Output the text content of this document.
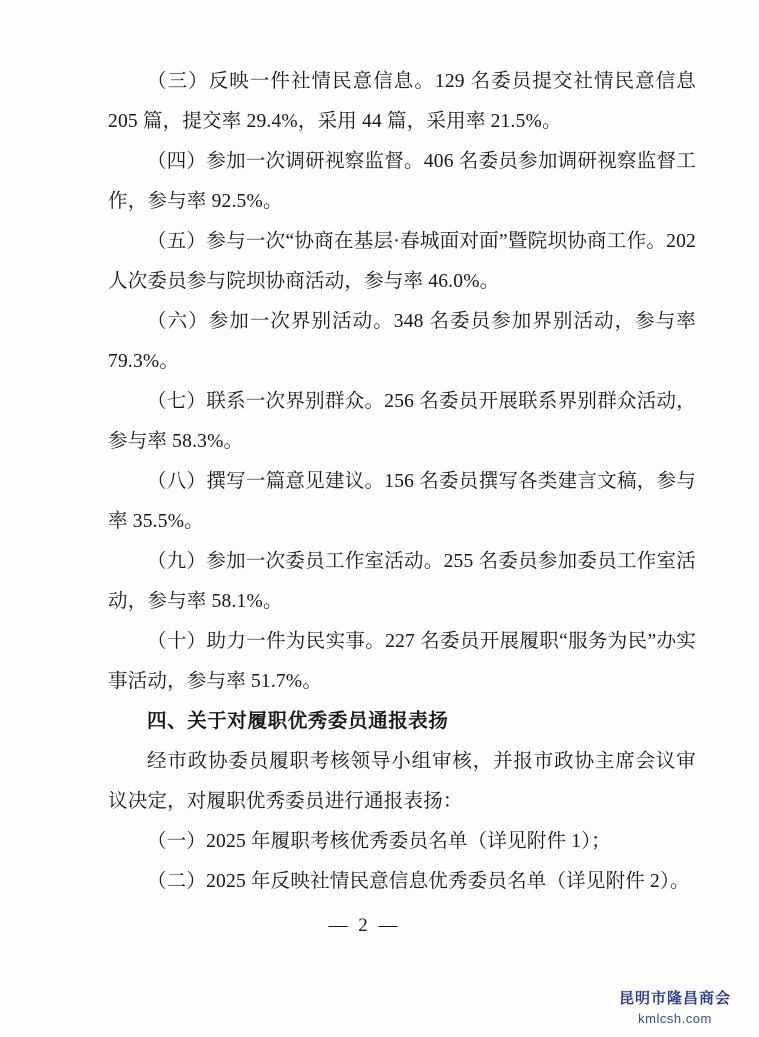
（三）反映一件社情民意信息。129 名委员提交社情民意信息 205 篇，提交率 29.4%，采用 44 篇，采用率 21.5%。

（四）参加一次调研视察监督。406 名委员参加调研视察监督工作，参与率 92.5%。

（五）参与一次“协商在基层·春城面对面”暨院坝协商工作。202 人次委员参与院坝协商活动，参与率 46.0%。

（六）参加一次界别活动。348 名委员参加界别活动，参与率 79.3%。

（七）联系一次界别群众。256 名委员开展联系界别群众活动，参与率 58.3%。

（八）撰写一篇意见建议。156 名委员撰写各类建言文稿，参与率 35.5%。

（九）参加一次委员工作室活动。255 名委员参加委员工作室活动，参与率 58.1%。

（十）助力一件为民实事。227 名委员开展履职“服务为民”办实事活动，参与率 51.7%。

四、关于对履职优秀委员通报表扬

经市政协委员履职考核领导小组审核，并报市政协主席会议审议决定，对履职优秀委员进行通报表扬：

（一）2025 年履职考核优秀委员名单（详见附件 1）；

（二）2025 年反映社情民意信息优秀委员名单（详见附件 2）。

— 2 —
昆明市隆昌商会
kmlcsh.com
